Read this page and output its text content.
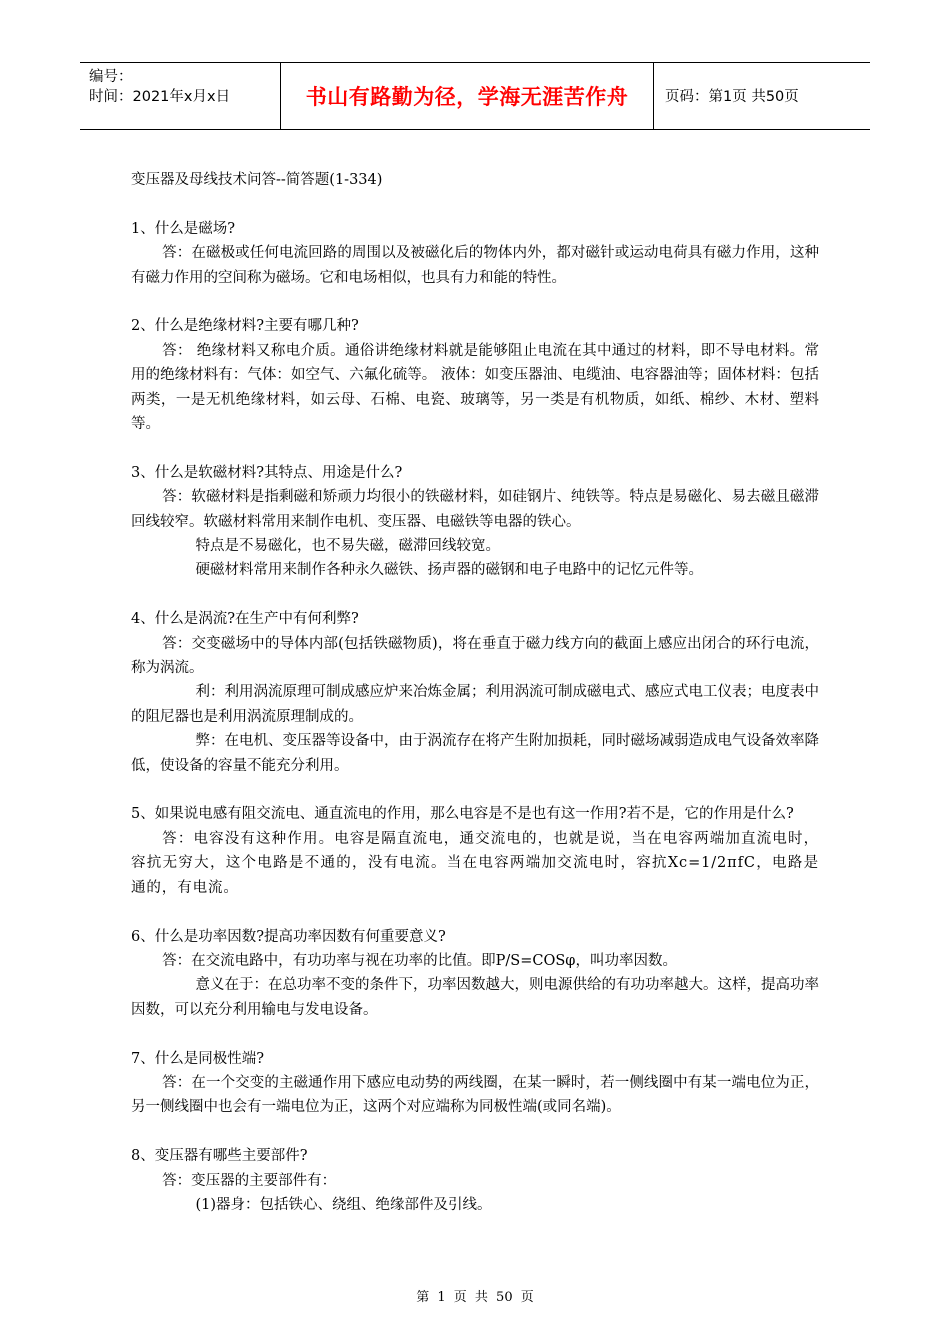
编号：
时间：2021年x月x日	书山有路勤为径，学海无涯苦作舟	页码：第1页 共50页

变压器及母线技术问答--简答题(1-334)

1、什么是磁场?

答：在磁极或任何电流回路的周围以及被磁化后的物体内外，都对磁针或运动电荷具有磁力作用，这种有磁力作用的空间称为磁场。它和电场相似，也具有力和能的特性。

2、什么是绝缘材料?主要有哪几种?

答： 绝缘材料又称电介质。通俗讲绝缘材料就是能够阻止电流在其中通过的材料，即不导电材料。常用的绝缘材料有：气体：如空气、六氟化硫等。 液体：如变压器油、电缆油、电容器油等；固体材料：包括两类，一是无机绝缘材料，如云母、石棉、电瓷、玻璃等，另一类是有机物质，如纸、棉纱、木材、塑料等。

3、什么是软磁材料?其特点、用途是什么?

答：软磁材料是指剩磁和矫顽力均很小的铁磁材料，如硅钢片、纯铁等。特点是易磁化、易去磁且磁滞回线较窄。软磁材料常用来制作电机、变压器、电磁铁等电器的铁心。

特点是不易磁化，也不易失磁，磁滞回线较宽。

硬磁材料常用来制作各种永久磁铁、扬声器的磁钢和电子电路中的记忆元件等。

4、什么是涡流?在生产中有何利弊?

答：交变磁场中的导体内部(包括铁磁物质)，将在垂直于磁力线方向的截面上感应出闭合的环行电流，称为涡流。

利：利用涡流原理可制成感应炉来冶炼金属；利用涡流可制成磁电式、感应式电工仪表；电度表中的阻尼器也是利用涡流原理制成的。

弊：在电机、变压器等设备中，由于涡流存在将产生附加损耗，同时磁场减弱造成电气设备效率降低，使设备的容量不能充分利用。

5、如果说电感有阻交流电、通直流电的作用，那么电容是不是也有这一作用?若不是，它的作用是什么?

答：电容没有这种作用。电容是隔直流电，通交流电的，也就是说，当在电容两端加直流电时，容抗无穷大，这个电路是不通的，没有电流。当在电容两端加交流电时，容抗Xc=1/2πfC，电路是通的，有电流。

6、什么是功率因数?提高功率因数有何重要意义?

答：在交流电路中，有功功率与视在功率的比值。即P/S=COSφ，叫功率因数。

意义在于：在总功率不变的条件下，功率因数越大，则电源供给的有功功率越大。这样，提高功率因数，可以充分利用输电与发电设备。

7、什么是同极性端?

答：在一个交变的主磁通作用下感应电动势的两线圈，在某一瞬时，若一侧线圈中有某一端电位为正，另一侧线圈中也会有一端电位为正，这两个对应端称为同极性端(或同名端)。

8、变压器有哪些主要部件?

答：变压器的主要部件有：

(1)器身：包括铁心、绕组、绝缘部件及引线。

第 1 页 共 50 页
